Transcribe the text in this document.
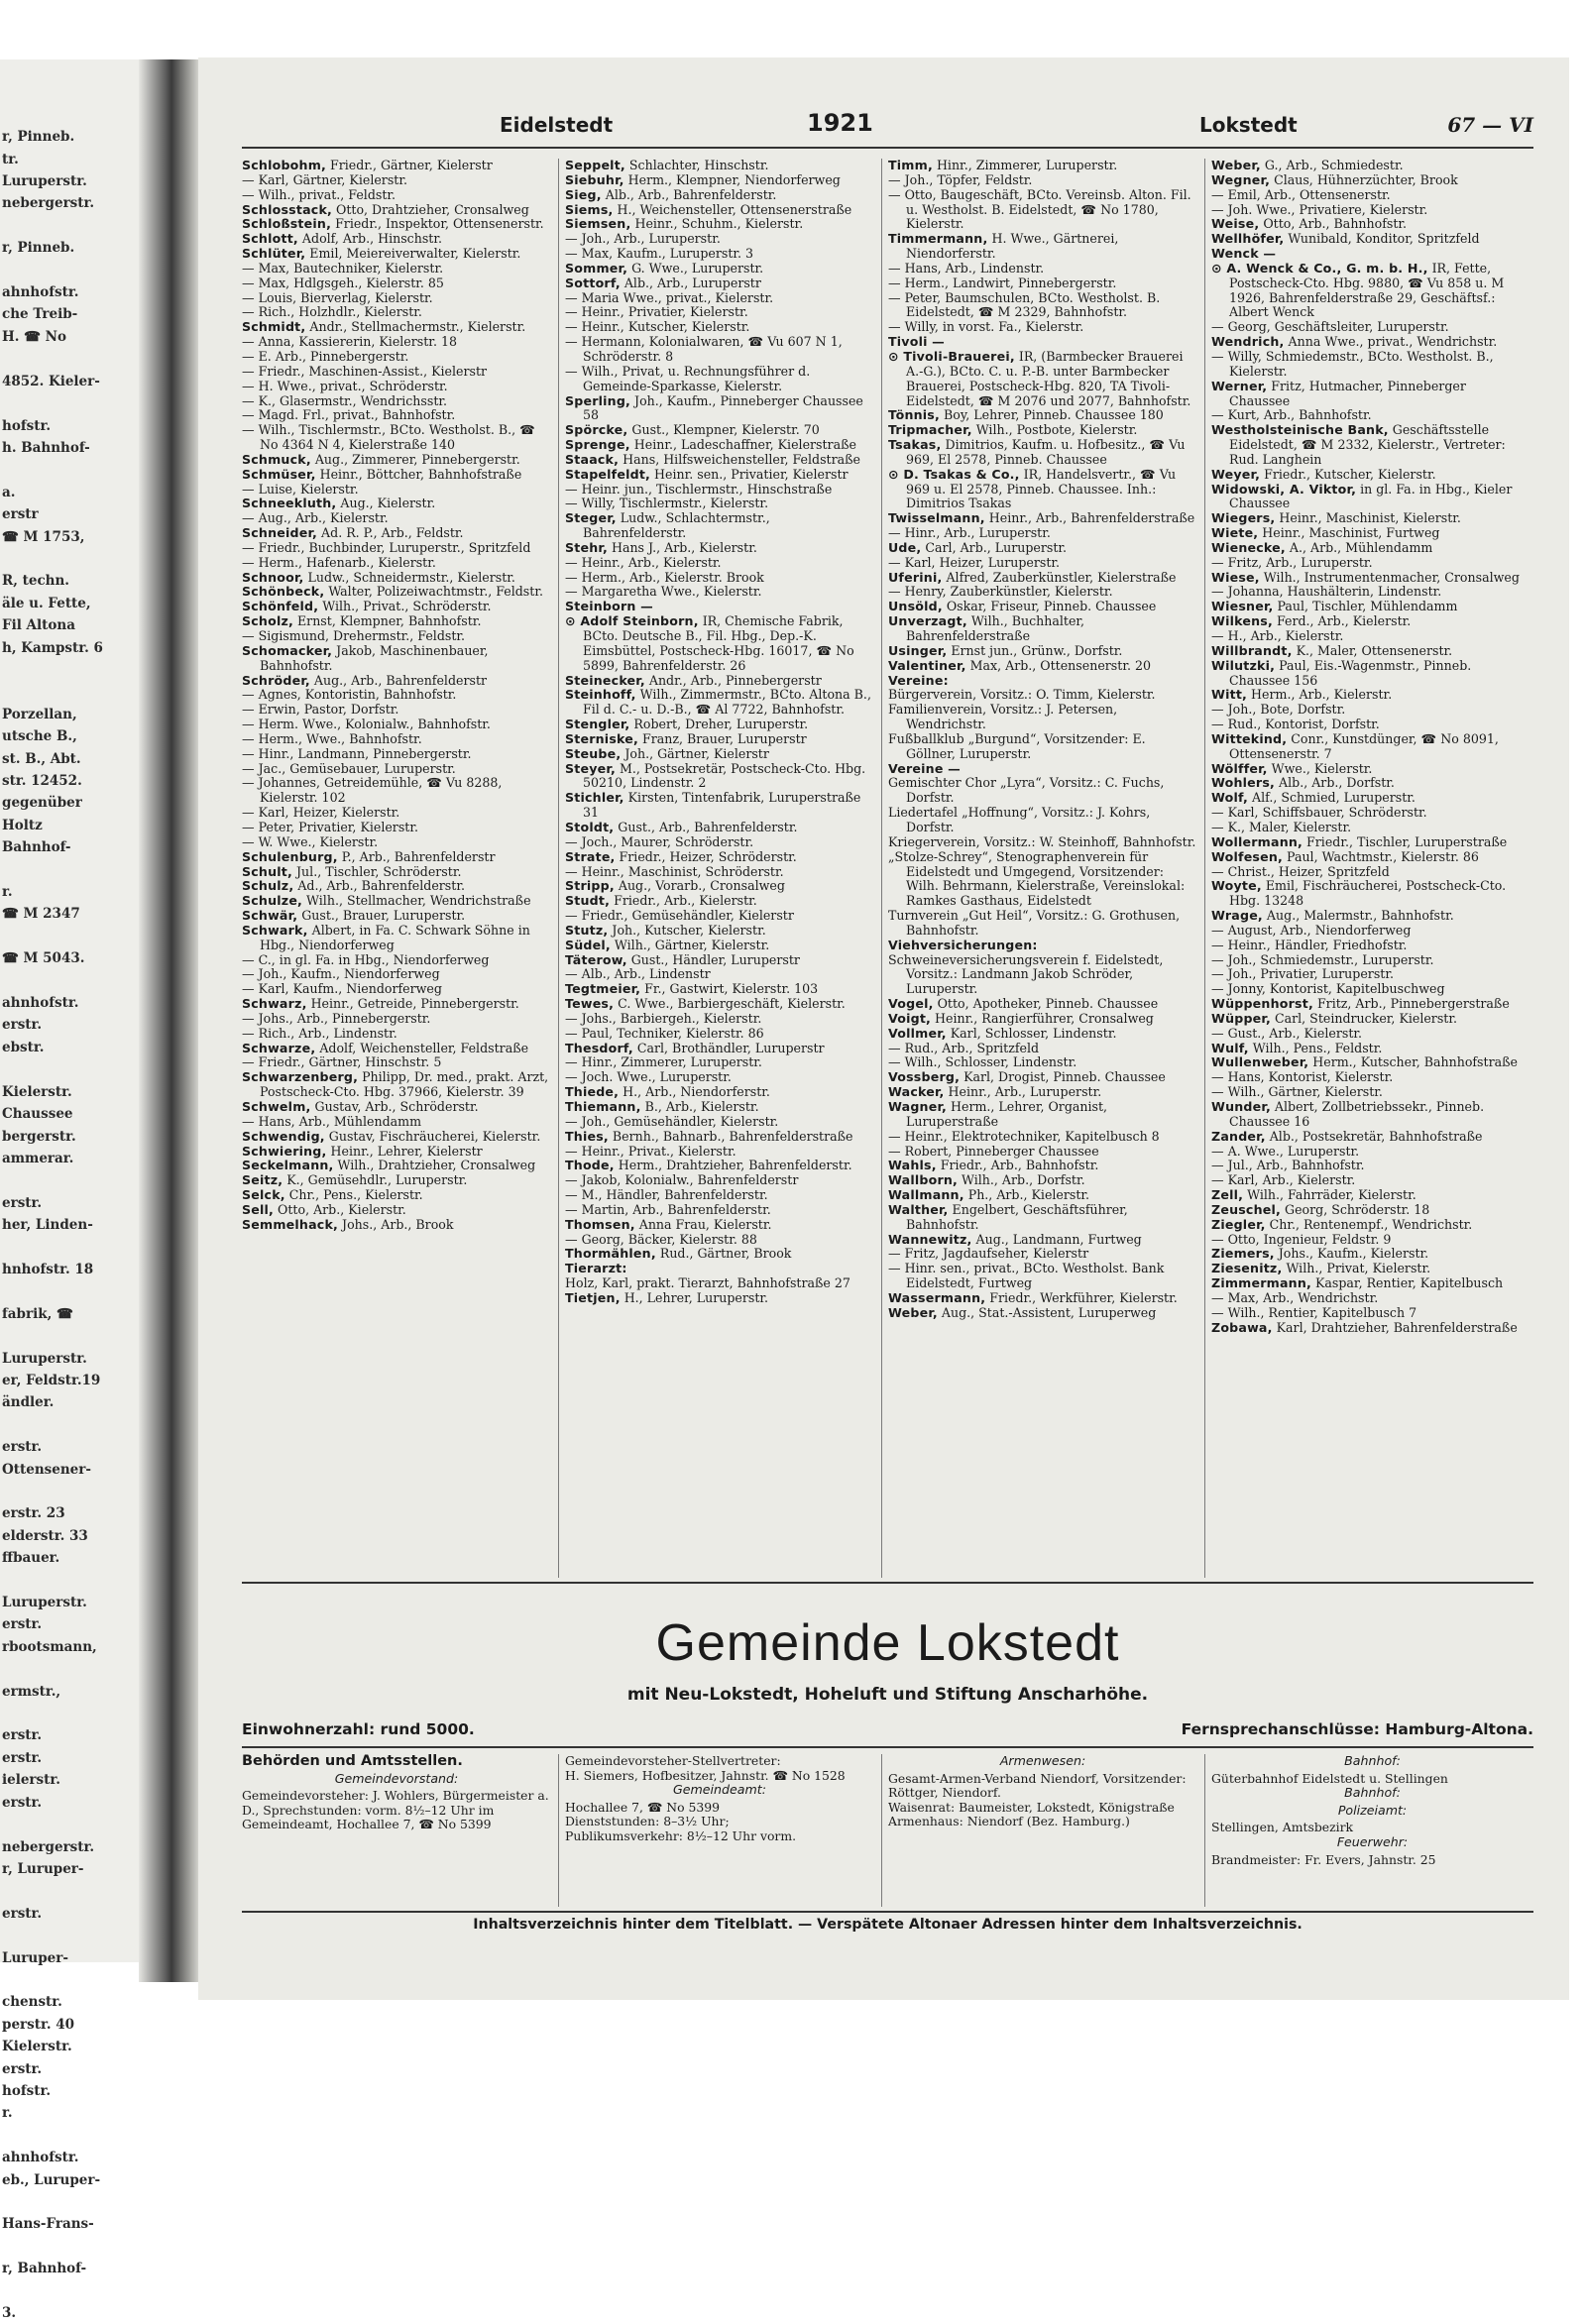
r, Pinneb.
tr.
Luruperstr.
nebergerstr.

r, Pinneb.

ahnhofstr.
che Treib-
H. ☎ No

4852. Kieler-

hofstr.
h. Bahnhof-

a.
erstr
☎ M 1753,

R, techn.
äle u. Fette,
Fil Altona
h, Kampstr. 6

Porzellan,
utsche B.,
st. B., Abt.
str. 12452.
gegenüber
Holtz
Bahnhof-

r.
☎ M 2347

☎ M 5043.

ahnhofstr.
erstr.
ebstr.

Kielerstr.
Chaussee
bergerstr.
ammerar.

erstr.
her, Linden-

hnhofstr. 18

fabrik, ☎

Luruperstr.
er, Feldstr.19
ändler.

erstr.
Ottensener-

erstr. 23
elderstr. 33
ffbauer.

Luruperstr.
erstr.
rbootsmann,

ermstr.,

erstr.
erstr.
ielerstr.
erstr.

nebergerstr.
r, Luruper-

erstr.

Luruper-

chenstr.
perstr. 40
Kielerstr.
erstr.
hofstr.
r.

ahnhofstr.
eb., Luruper-

Hans-Frans-

r, Bahnhof-

3.
Eidelstedt	1921	Lokstedt	67 — VI
Schlobohm, Friedr., Gärtner, Kielerstr
— Karl, Gärtner, Kielerstr.
— Wilh., privat., Feldstr.
Schlosstack, Otto, Drahtzieher, Cronsalweg
Schloßstein, Friedr., Inspektor, Ottensenerstr.
Schlott, Adolf, Arb., Hinschstr.
Schlüter, Emil, Meiereiverwalter, Kielerstr.
— Max, Bautechniker, Kielerstr.
— Max, Hdlgsgeh., Kielerstr. 85
— Louis, Bierverlag, Kielerstr.
— Rich., Holzhdlr., Kielerstr.
Schmidt, Andr., Stellmachermstr., Kielerstr.
— Anna, Kassiererin, Kielerstr. 18
— E. Arb., Pinnebergerstr.
— Friedr., Maschinen-Assist., Kielerstr
— H. Wwe., privat., Schröderstr.
— K., Glasermstr., Wendrichsstr.
— Magd. Frl., privat., Bahnhofstr.
— Wilh., Tischlermstr., BCto. Westholst. B., ☎ No 4364 N 4, Kielerstraße 140
Schmuck, Aug., Zimmerer, Pinnebergerstr.
Schmüser, Heinr., Böttcher, Bahnhofstraße
— Luise, Kielerstr.
Schneekluth, Aug., Kielerstr.
— Aug., Arb., Kielerstr.
Schneider, Ad. R. P., Arb., Feldstr.
— Friedr., Buchbinder, Luruperstr., Spritzfeld
— Herm., Hafenarb., Kielerstr.
Schnoor, Ludw., Schneidermstr., Kielerstr.
Schönbeck, Walter, Polizeiwachtmstr., Feldstr.
Schönfeld, Wilh., Privat., Schröderstr.
Scholz, Ernst, Klempner, Bahnhofstr.
— Sigismund, Drehermstr., Feldstr.
Schomacker, Jakob, Maschinenbauer, Bahnhofstr.
Schröder, Aug., Arb., Bahrenfelderstr
— Agnes, Kontoristin, Bahnhofstr.
— Erwin, Pastor, Dorfstr.
— Herm. Wwe., Kolonialw., Bahnhofstr.
— Herm., Wwe., Bahnhofstr.
— Hinr., Landmann, Pinnebergerstr.
— Jac., Gemüsebauer, Luruperstr.
— Johannes, Getreidemühle, ☎ Vu 8288, Kielerstr. 102
— Karl, Heizer, Kielerstr.
— Peter, Privatier, Kielerstr.
— W. Wwe., Kielerstr.
Schulenburg, P., Arb., Bahrenfelderstr
Schult, Jul., Tischler, Schröderstr.
Schulz, Ad., Arb., Bahrenfelderstr.
Schulze, Wilh., Stellmacher, Wendrichstraße
Schwär, Gust., Brauer, Luruperstr.
Schwark, Albert, in Fa. C. Schwark Söhne in Hbg., Niendorferweg
— C., in gl. Fa. in Hbg., Niendorferweg
— Joh., Kaufm., Niendorferweg
— Karl, Kaufm., Niendorferweg
Schwarz, Heinr., Getreide, Pinnebergerstr.
— Johs., Arb., Pinnebergerstr.
— Rich., Arb., Lindenstr.
Schwarze, Adolf, Weichensteller, Feldstraße
— Friedr., Gärtner, Hinschstr. 5
Schwarzenberg, Philipp, Dr. med., prakt. Arzt, Postscheck-Cto. Hbg. 37966, Kielerstr. 39
Schwelm, Gustav, Arb., Schröderstr.
— Hans, Arb., Mühlendamm
Schwendig, Gustav, Fischräucherei, Kielerstr.
Schwiering, Heinr., Lehrer, Kielerstr
Seckelmann, Wilh., Drahtzieher, Cronsalweg
Seitz, K., Gemüsehdlr., Luruperstr.
Selck, Chr., Pens., Kielerstr.
Sell, Otto, Arb., Kielerstr.
Semmelhack, Johs., Arb., Brook
Seppelt, Schlachter, Hinschstr.
Siebuhr, Herm., Klempner, Niendorferweg
Sieg, Alb., Arb., Bahrenfelderstr.
Siems, H., Weichensteller, Ottensenerstraße
Siemsen, Heinr., Schuhm., Kielerstr.
— Joh., Arb., Luruperstr.
— Max, Kaufm., Luruperstr. 3
Sommer, G. Wwe., Luruperstr.
Sottorf, Alb., Arb., Luruperstr
— Maria Wwe., privat., Kielerstr.
— Heinr., Privatier, Kielerstr.
— Heinr., Kutscher, Kielerstr.
— Hermann, Kolonialwaren, ☎ Vu 607 N 1, Schröderstr. 8
— Wilh., Privat, u. Rechnungsführer d. Gemeinde-Sparkasse, Kielerstr.
Sperling, Joh., Kaufm., Pinneberger Chaussee 58
Spörcke, Gust., Klempner, Kielerstr. 70
Sprenge, Heinr., Ladeschaffner, Kielerstraße
Staack, Hans, Hilfsweichensteller, Feldstraße
Stapelfeldt, Heinr. sen., Privatier, Kielerstr
— Heinr. jun., Tischlermstr., Hinschstraße
— Willy, Tischlermstr., Kielerstr.
Steger, Ludw., Schlachtermstr., Bahrenfelderstr.
Stehr, Hans J., Arb., Kielerstr.
— Heinr., Arb., Kielerstr.
— Herm., Arb., Kielerstr. Brook
— Margaretha Wwe., Kielerstr.
Steinborn —
⊙ Adolf Steinborn, IR, Chemische Fabrik, BCto. Deutsche B., Fil. Hbg., Dep.-K. Eimsbüttel, Postscheck-Hbg. 16017, ☎ No 5899, Bahrenfelderstr. 26
Steinecker, Andr., Arb., Pinnebergerstr
Steinhoff, Wilh., Zimmermstr., BCto. Altona B., Fil d. C.- u. D.-B., ☎ Al 7722, Bahnhofstr.
Stengler, Robert, Dreher, Luruperstr.
Sterniske, Franz, Brauer, Luruperstr
Steube, Joh., Gärtner, Kielerstr
Steyer, M., Postsekretär, Postscheck-Cto. Hbg. 50210, Lindenstr. 2
Stichler, Kirsten, Tintenfabrik, Luruperstraße 31
Stoldt, Gust., Arb., Bahrenfelderstr.
— Joch., Maurer, Schröderstr.
Strate, Friedr., Heizer, Schröderstr.
— Heinr., Maschinist, Schröderstr.
Stripp, Aug., Vorarb., Cronsalweg
Studt, Friedr., Arb., Kielerstr.
— Friedr., Gemüsehändler, Kielerstr
Stutz, Joh., Kutscher, Kielerstr.
Südel, Wilh., Gärtner, Kielerstr.
Täterow, Gust., Händler, Luruperstr
— Alb., Arb., Lindenstr
Tegtmeier, Fr., Gastwirt, Kielerstr. 103
Tewes, C. Wwe., Barbiergeschäft, Kielerstr.
— Johs., Barbiergeh., Kielerstr.
— Paul, Techniker, Kielerstr. 86
Thesdorf, Carl, Brothändler, Luruperstr
— Hinr., Zimmerer, Luruperstr.
— Joch. Wwe., Luruperstr.
Thiede, H., Arb., Niendorferstr.
Thiemann, B., Arb., Kielerstr.
— Joh., Gemüsehändler, Kielerstr.
Thies, Bernh., Bahnarb., Bahrenfelderstraße
— Heinr., Privat., Kielerstr.
Thode, Herm., Drahtzieher, Bahrenfelderstr.
— Jakob, Kolonialw., Bahrenfelderstr
— M., Händler, Bahrenfelderstr.
— Martin, Arb., Bahrenfelderstr.
Thomsen, Anna Frau, Kielerstr.
— Georg, Bäcker, Kielerstr. 88
Thormählen, Rud., Gärtner, Brook
Tierarzt:
Holz, Karl, prakt. Tierarzt, Bahnhofstraße 27
Tietjen, H., Lehrer, Luruperstr.
Timm, Hinr., Zimmerer, Luruperstr.
— Joh., Töpfer, Feldstr.
— Otto, Baugeschäft, BCto. Vereinsb. Alton. Fil. u. Westholst. B. Eidelstedt, ☎ No 1780, Kielerstr.
Timmermann, H. Wwe., Gärtnerei, Niendorferstr.
— Hans, Arb., Lindenstr.
— Herm., Landwirt, Pinnebergerstr.
— Peter, Baumschulen, BCto. Westholst. B. Eidelstedt, ☎ M 2329, Bahnhofstr.
— Willy, in vorst. Fa., Kielerstr.
Tivoli —
⊙ Tivoli-Brauerei, IR, (Barmbecker Brauerei A.-G.), BCto. C. u. P.-B. unter Barmbecker Brauerei, Postscheck-Hbg. 820, TA Tivoli-Eidelstedt, ☎ M 2076 und 2077, Bahnhofstr.
Tönnis, Boy, Lehrer, Pinneb. Chaussee 180
Tripmacher, Wilh., Postbote, Kielerstr.
Tsakas, Dimitrios, Kaufm. u. Hofbesitz., ☎ Vu 969, El 2578, Pinneb. Chaussee
⊙ D. Tsakas & Co., IR, Handelsvertr., ☎ Vu 969 u. El 2578, Pinneb. Chaussee. Inh.: Dimitrios Tsakas
Twisselmann, Heinr., Arb., Bahrenfelderstraße
— Hinr., Arb., Luruperstr.
Ude, Carl, Arb., Luruperstr.
— Karl, Heizer, Luruperstr.
Uferini, Alfred, Zauberkünstler, Kielerstraße
— Henry, Zauberkünstler, Kielerstr.
Unsöld, Oskar, Friseur, Pinneb. Chaussee
Unverzagt, Wilh., Buchhalter, Bahrenfelderstraße
Usinger, Ernst jun., Grünw., Dorfstr.
Valentiner, Max, Arb., Ottensenerstr. 20
Vereine:
Bürgerverein, Vorsitz.: O. Timm, Kielerstr.
Familienverein, Vorsitz.: J. Petersen, Wendrichstr.
Fußballklub „Burgund“, Vorsitzender: E. Göllner, Luruperstr.
Vereine —
Gemischter Chor „Lyra“, Vorsitz.: C. Fuchs, Dorfstr.
Liedertafel „Hoffnung“, Vorsitz.: J. Kohrs, Dorfstr.
Kriegerverein, Vorsitz.: W. Steinhoff, Bahnhofstr.
„Stolze-Schrey“, Stenographenverein für Eidelstedt und Umgegend, Vorsitzender: Wilh. Behrmann, Kielerstraße, Vereinslokal: Ramkes Gasthaus, Eidelstedt
Turnverein „Gut Heil“, Vorsitz.: G. Grothusen, Bahnhofstr.
Viehversicherungen:
Schweineversicherungsverein f. Eidelstedt, Vorsitz.: Landmann Jakob Schröder, Luruperstr.
Vogel, Otto, Apotheker, Pinneb. Chaussee
Voigt, Heinr., Rangierführer, Cronsalweg
Vollmer, Karl, Schlosser, Lindenstr.
— Rud., Arb., Spritzfeld
— Wilh., Schlosser, Lindenstr.
Vossberg, Karl, Drogist, Pinneb. Chaussee
Wacker, Heinr., Arb., Luruperstr.
Wagner, Herm., Lehrer, Organist, Luruperstraße
— Heinr., Elektrotechniker, Kapitelbusch 8
— Robert, Pinneberger Chaussee
Wahls, Friedr., Arb., Bahnhofstr.
Wallborn, Wilh., Arb., Dorfstr.
Wallmann, Ph., Arb., Kielerstr.
Walther, Engelbert, Geschäftsführer, Bahnhofstr.
Wannewitz, Aug., Landmann, Furtweg
— Fritz, Jagdaufseher, Kielerstr
— Hinr. sen., privat., BCto. Westholst. Bank Eidelstedt, Furtweg
Wassermann, Friedr., Werkführer, Kielerstr.
Weber, Aug., Stat.-Assistent, Luruperweg
Weber, G., Arb., Schmiedestr.
Wegner, Claus, Hühnerzüchter, Brook
— Emil, Arb., Ottensenerstr.
— Joh. Wwe., Privatiere, Kielerstr.
Weise, Otto, Arb., Bahnhofstr.
Wellhöfer, Wunibald, Konditor, Spritzfeld
Wenck —
⊙ A. Wenck & Co., G. m. b. H., IR, Fette, Postscheck-Cto. Hbg. 9880, ☎ Vu 858 u. M 1926, Bahrenfelderstraße 29, Geschäftsf.: Albert Wenck
— Georg, Geschäftsleiter, Luruperstr.
Wendrich, Anna Wwe., privat., Wendrichstr.
— Willy, Schmiedemstr., BCto. Westholst. B., Kielerstr.
Werner, Fritz, Hutmacher, Pinneberger Chaussee
— Kurt, Arb., Bahnhofstr.
Westholsteinische Bank, Geschäftsstelle Eidelstedt, ☎ M 2332, Kielerstr., Vertreter: Rud. Langhein
Weyer, Friedr., Kutscher, Kielerstr.
Widowski, A. Viktor, in gl. Fa. in Hbg., Kieler Chaussee
Wiegers, Heinr., Maschinist, Kielerstr.
Wiete, Heinr., Maschinist, Furtweg
Wienecke, A., Arb., Mühlendamm
— Fritz, Arb., Luruperstr.
Wiese, Wilh., Instrumentenmacher, Cronsalweg
— Johanna, Haushälterin, Lindenstr.
Wiesner, Paul, Tischler, Mühlendamm
Wilkens, Ferd., Arb., Kielerstr.
— H., Arb., Kielerstr.
Willbrandt, K., Maler, Ottensenerstr.
Wilutzki, Paul, Eis.-Wagenmstr., Pinneb. Chaussee 156
Witt, Herm., Arb., Kielerstr.
— Joh., Bote, Dorfstr.
— Rud., Kontorist, Dorfstr.
Wittekind, Conr., Kunstdünger, ☎ No 8091, Ottensenerstr. 7
Wölffer, Wwe., Kielerstr.
Wohlers, Alb., Arb., Dorfstr.
Wolf, Alf., Schmied, Luruperstr.
— Karl, Schiffsbauer, Schröderstr.
— K., Maler, Kielerstr.
Wollermann, Friedr., Tischler, Luruperstraße
Wolfesen, Paul, Wachtmstr., Kielerstr. 86
— Christ., Heizer, Spritzfeld
Woyte, Emil, Fischräucherei, Postscheck-Cto. Hbg. 13248
Wrage, Aug., Malermstr., Bahnhofstr.
— August, Arb., Niendorferweg
— Heinr., Händler, Friedhofstr.
— Joh., Schmiedemstr., Luruperstr.
— Joh., Privatier, Luruperstr.
— Jonny, Kontorist, Kapitelbuschweg
Wüppenhorst, Fritz, Arb., Pinnebergerstraße
Wüpper, Carl, Steindrucker, Kielerstr.
— Gust., Arb., Kielerstr.
Wulf, Wilh., Pens., Feldstr.
Wullenweber, Herm., Kutscher, Bahnhofstraße
— Hans, Kontorist, Kielerstr.
— Wilh., Gärtner, Kielerstr.
Wunder, Albert, Zollbetriebssekr., Pinneb. Chaussee 16
Zander, Alb., Postsekretär, Bahnhofstraße
— A. Wwe., Luruperstr.
— Jul., Arb., Bahnhofstr.
— Karl, Arb., Kielerstr.
Zell, Wilh., Fahrräder, Kielerstr.
Zeuschel, Georg, Schröderstr. 18
Ziegler, Chr., Rentenempf., Wendrichstr.
— Otto, Ingenieur, Feldstr. 9
Ziemers, Johs., Kaufm., Kielerstr.
Ziesenitz, Wilh., Privat, Kielerstr.
Zimmermann, Kaspar, Rentier, Kapitelbusch
— Max, Arb., Wendrichstr.
— Wilh., Rentier, Kapitelbusch 7
Zobawa, Karl, Drahtzieher, Bahrenfelderstraße
Gemeinde Lokstedt
mit Neu-Lokstedt, Hoheluft und Stiftung Anscharhöhe.
Einwohnerzahl: rund 5000.	Fernsprechanschlüsse: Hamburg-Altona.
Behörden und Amtsstellen.
Gemeindevorstand:
Gemeindevorsteher: J. Wohlers, Bürgermeister a. D., Sprechstunden: vorm. 8½–12 Uhr im Gemeindeamt, Hochallee 7, ☎ No 5399
Gemeindevorsteher-Stellvertreter:
H. Siemers, Hofbesitzer, Jahnstr. ☎ No 1528
Gemeindeamt:
Hochallee 7, ☎ No 5399
Dienststunden: 8–3½ Uhr;
Publikumsverkehr: 8½–12 Uhr vorm.
Armenwesen:
Gesamt-Armen-Verband Niendorf, Vorsitzender: Röttger, Niendorf.
Waisenrat: Baumeister, Lokstedt, Königstraße
Armenhaus: Niendorf (Bez. Hamburg.)
Bahnhof:
Güterbahnhof Eidelstedt u. Stellingen
Bahnhof:
Polizeiamt:
Stellingen, Amtsbezirk
Feuerwehr:
Brandmeister: Fr. Evers, Jahnstr. 25
Inhaltsverzeichnis hinter dem Titelblatt. — Verspätete Altonaer Adressen hinter dem Inhaltsverzeichnis.
